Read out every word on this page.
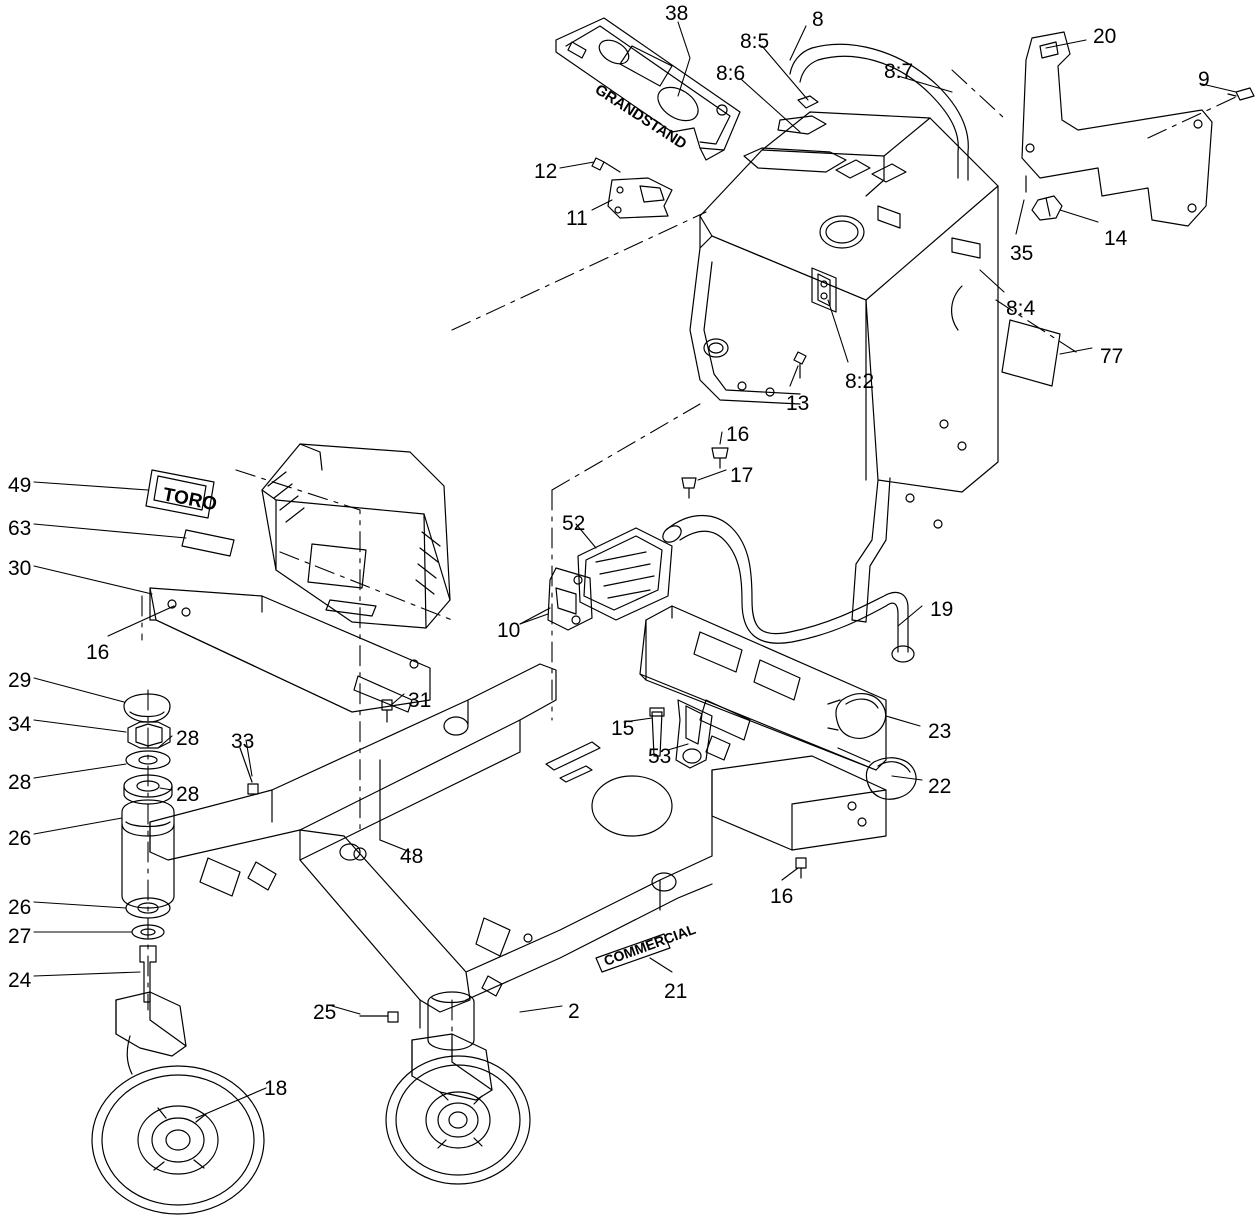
GRANDSTAND
TORO
COMMERCIAL
38	8
8:5	20
8:7	9
8:6
12
11
35
14
8:4
77
13
8:2
16
17
49
52
63
30
19
10
16
23
31
29
34
28 33
15
53
28
28	22
26
48
26	16
27
24	21
25	2
18
